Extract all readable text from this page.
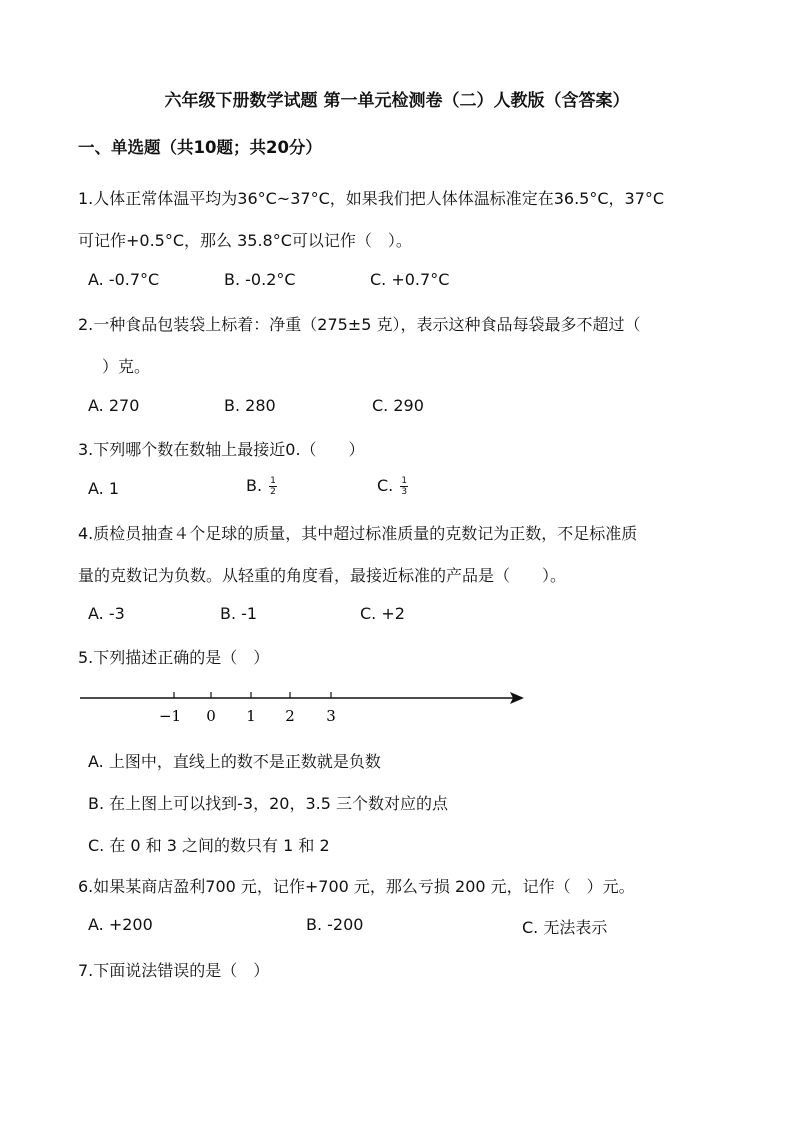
六年级下册数学试题 第一单元检测卷（二）人教版（含答案）
一、单选题（共10题；共20分）
1.人体正常体温平均为36°C~37°C，如果我们把人体体温标准定在36.5°C，37°C
可记作+0.5°C，那么 35.8°C可以记作（　）。
A. -0.7°C	B. -0.2°C	C. +0.7°C
2.一种食品包装袋上标着：净重（275±5 克），表示这种食品每袋最多不超过（
　）克。
A. 270	B. 280	C. 290
3.下列哪个数在数轴上最接近0.（　　）
A. 1	B. $\frac{1}{2}$	C. $\frac{1}{3}$
4.质检员抽查４个足球的质量，其中超过标准质量的克数记为正数，不足标准质
量的克数记为负数。从轻重的角度看，最接近标准的产品是（　　）。
A. -3	B. -1	C. +2
5.下列描述正确的是（　）
−1 0 1 2 3
A. 上图中，直线上的数不是正数就是负数
B. 在上图上可以找到-3，20，3.5 三个数对应的点
C. 在 0 和 3 之间的数只有 1 和 2
6.如果某商店盈利700 元，记作+700 元，那么亏损 200 元，记作（　）元。
A. +200	B. -200	C. 无法表示
7.下面说法错误的是（　）
